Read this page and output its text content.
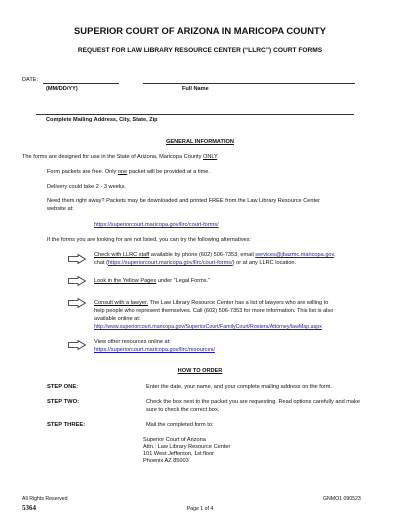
SUPERIOR COURT OF ARIZONA IN MARICOPA COUNTY
REQUEST FOR LAW LIBRARY RESOURCE CENTER (“LLRC”) COURT FORMS
DATE:
(MM/DD/YY)	Full Name
Complete Mailing Address, City, State, Zip
GENERAL INFORMATION
The forms are designed for use in the State of Arizona, Maricopa County ONLY.
Form packets are free. Only one packet will be provided at a time.
Delivery could take 2 - 3 weeks.
Need them right away? Packets may be downloaded and printed FREE from the Law Library Resource Center
website at:
https://superiorcourt.maricopa.gov/llrc/court-forms/
If the forms you are looking for are not listed, you can try the following alternatives:
Check with LLRC staff available by phone (602) 506-7353, email services@jbazmc.maricopa.gov,
chat (https://superiorcourt.maricopa.gov/llrc/court-forms/) or at any LLRC location.
Look in the Yellow Pages under “Legal Forms.”
Consult with a lawyer. The Law Library Resource Center has a list of lawyers who are willing to
help people who represent themselves. Call (602) 506-7353 for more information. This list is also
available online at:
http://www.superiorcourt.maricopa.gov/SuperiorCourt/FamilyCourt/Rosters/Attorney/lawMap.aspx
View other resources online at:
https://superiorcourt.maricopa.gov/llrc/resources/
HOW TO ORDER
STEP ONE:	Enter the date, your name, and your complete mailing address on the form.
STEP TWO:	Check the box next to the packet you are requesting. Read options carefully and make
sure to check the correct box.
STEP THREE:	Mail the completed form to:
Superior Court of Arizona
Attn.: Law Library Resource Center
101 West Jefferson, 1st floor
Phoenix AZ 85003
All Rights Reserved	GNMO1 090523
5364	Page 1 of 4
